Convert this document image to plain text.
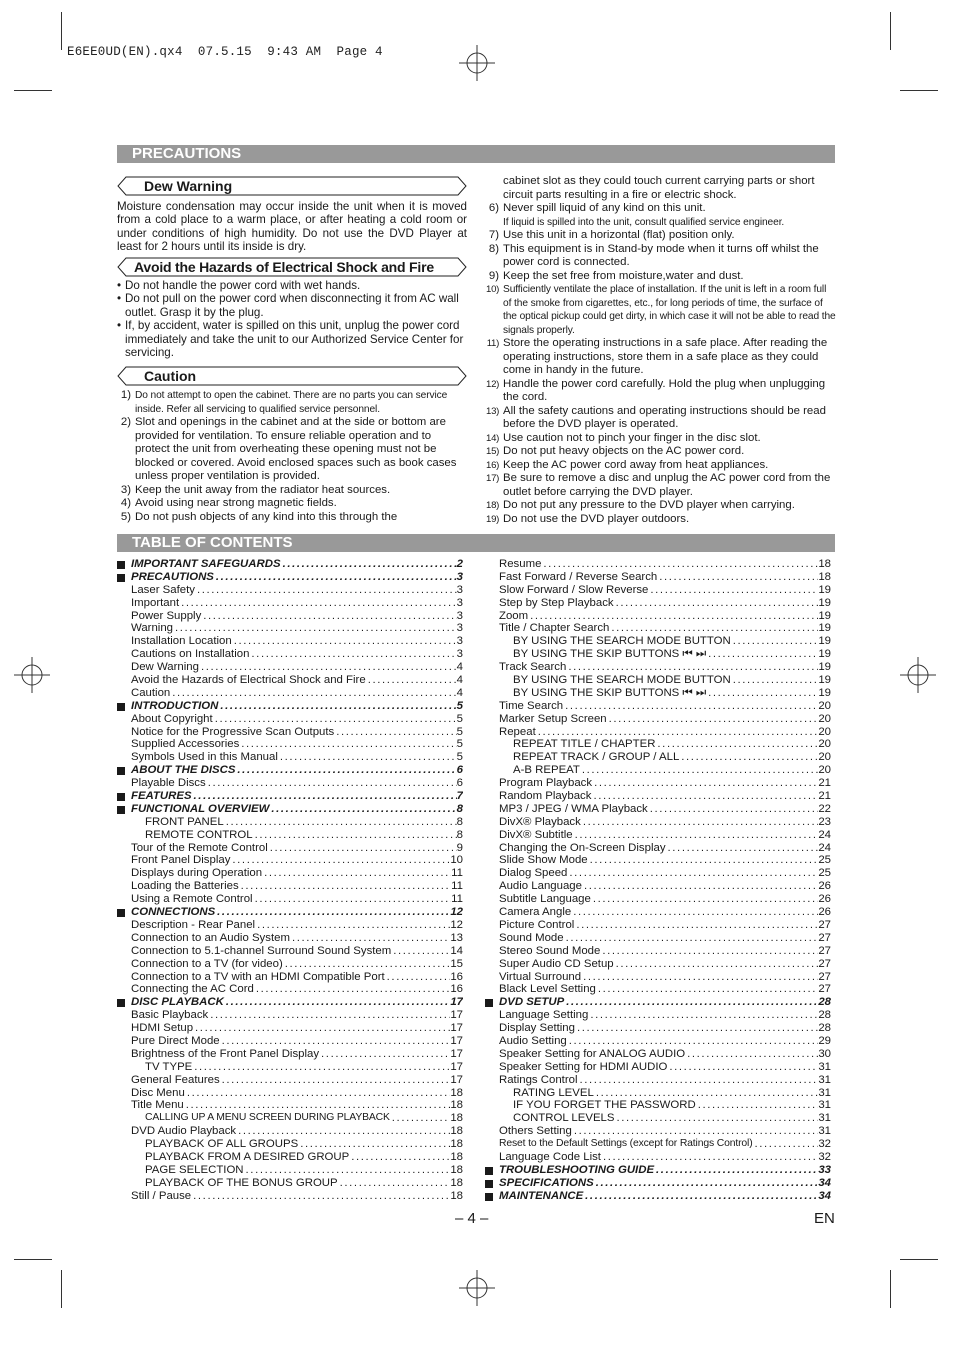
E6EE0UD(EN).qx4  07.5.15  9:43 AM  Page 4
PRECAUTIONS
Dew Warning
Moisture condensation may occur inside the unit when it is moved from a cold place to a warm place, or after heating a cold room or under conditions of high humidity. Do not use the DVD Player at least for 2 hours until its inside is dry.
Avoid the Hazards of Electrical Shock and Fire
• Do not handle the power cord with wet hands.
• Do not pull on the power cord when disconnecting it from AC wall outlet. Grasp it by the plug.
• If, by accident, water is spilled on this unit, unplug the power cord immediately and take the unit to our Authorized Service Center for servicing.
Caution
1) Do not attempt to open the cabinet. There are no parts you can service inside. Refer all servicing to qualified service personnel.
2) Slot and openings in the cabinet and at the side or bottom are provided for ventilation. To ensure reliable operation and to protect the unit from overheating these opening must not be blocked or covered. Avoid enclosed spaces such as book cases unless proper ventilation is provided.
3) Keep the unit away from the radiator heat sources.
4) Avoid using near strong magnetic fields.
5) Do not push objects of any kind into this through the
cabinet slot as they could touch current carrying parts or short circuit parts resulting in a fire or electric shock.
6) Never spill liquid of any kind on this unit.
If liquid is spilled into the unit, consult qualified service engineer.
7) Use this unit in a horizontal (flat) position only.
8) This equipment is in Stand-by mode when it turns off whilst the power cord is connected.
9) Keep the set free from moisture,water and dust.
10) Sufficiently ventilate the place of installation. If the unit is left in a room full of the smoke from cigarettes, etc., for long periods of time, the surface of the optical pickup could get dirty, in which case it will not be able to read the signals properly.
11) Store the operating instructions in a safe place. After reading the operating instructions, store them in a safe place as they could come in handy in the future.
12) Handle the power cord carefully. Hold the plug when unplugging the cord.
13) All the safety cautions and operating instructions should be read before the DVD player is operated.
14) Use caution not to pinch your finger in the disc slot.
15) Do not put heavy objects on the AC power cord.
16) Keep the AC power cord away from heat appliances.
17) Be sure to remove a disc and unplug the AC power cord from the outlet before carrying the DVD player.
18) Do not put any pressure to the DVD player when carrying.
19) Do not use the DVD player outdoors.
TABLE OF CONTENTS
IMPORTANT SAFEGUARDS .....	2
PRECAUTIONS .....	3
Laser Safety .....	3
Important .....	3
Power Supply .....	3
Warning .....	3
Installation Location .....	3
Cautions on Installation .....	3
Dew Warning .....	4
Avoid the Hazards of Electrical Shock and Fire .....	4
Caution .....	4
INTRODUCTION .....	5
About Copyright .....	5
Notice for the Progressive Scan Outputs .....	5
Supplied Accessories .....	5
Symbols Used in this Manual .....	5
ABOUT THE DISCS .....	6
Playable Discs .....	6
FEATURES .....	7
FUNCTIONAL OVERVIEW .....	8
FRONT PANEL .....	8
REMOTE CONTROL .....	8
Tour of the Remote Control .....	9
Front Panel Display .....	10
Displays during Operation .....	11
Loading the Batteries .....	11
Using a Remote Control .....	11
CONNECTIONS .....	12
Description - Rear Panel .....	12
Connection to an Audio System .....	13
Connection to 5.1-channel Surround Sound System .....	14
Connection to a TV (for video) .....	15
Connection to a TV with an HDMI Compatible Port .....	16
Connecting the AC Cord .....	16
DISC PLAYBACK .....	17
Basic Playback .....	17
HDMI Setup .....	17
Pure Direct Mode .....	17
Brightness of the Front Panel Display .....	17
TV TYPE .....	17
General Features .....	17
Disc Menu .....	18
Title Menu .....	18
CALLING UP A MENU SCREEN DURING PLAYBACK .....	18
DVD Audio Playback .....	18
PLAYBACK OF ALL GROUPS .....	18
PLAYBACK FROM A DESIRED GROUP .....	18
PAGE SELECTION .....	18
PLAYBACK OF THE BONUS GROUP .....	18
Still / Pause .....	18
Resume .....	18
Fast Forward / Reverse Search .....	18
Slow Forward / Slow Reverse .....	19
Step by Step Playback .....	19
Zoom .....	19
Title / Chapter Search .....	19
BY USING THE SEARCH MODE BUTTON .....	19
BY USING THE SKIP BUTTONS ⏮ ⏭ .....	19
Track Search .....	19
BY USING THE SEARCH MODE BUTTON .....	19
BY USING THE SKIP BUTTONS ⏮ ⏭ .....	19
Time Search .....	20
Marker Setup Screen .....	20
Repeat .....	20
REPEAT TITLE / CHAPTER .....	20
REPEAT TRACK / GROUP / ALL .....	20
A-B REPEAT .....	20
Program Playback .....	21
Random Playback .....	21
MP3 / JPEG / WMA Playback .....	22
DivX® Playback .....	23
DivX® Subtitle .....	24
Changing the On-Screen Display .....	24
Slide Show Mode .....	25
Dialog Speed .....	25
Audio Language .....	26
Subtitle Language .....	26
Camera Angle .....	26
Picture Control .....	27
Sound Mode .....	27
Stereo Sound Mode .....	27
Super Audio CD Setup .....	27
Virtual Surround .....	27
Black Level Setting .....	27
DVD SETUP .....	28
Language Setting .....	28
Display Setting .....	28
Audio Setting .....	29
Speaker Setting for ANALOG AUDIO .....	30
Speaker Setting for HDMI AUDIO .....	31
Ratings Control .....	31
RATING LEVEL .....	31
IF YOU FORGET THE PASSWORD .....	31
CONTROL LEVELS .....	31
Others Setting .....	31
Reset to the Default Settings (except for Ratings Control) .....	32
Language Code List .....	32
TROUBLESHOOTING GUIDE .....	33
SPECIFICATIONS .....	34
MAINTENANCE .....	34
– 4 –	EN
